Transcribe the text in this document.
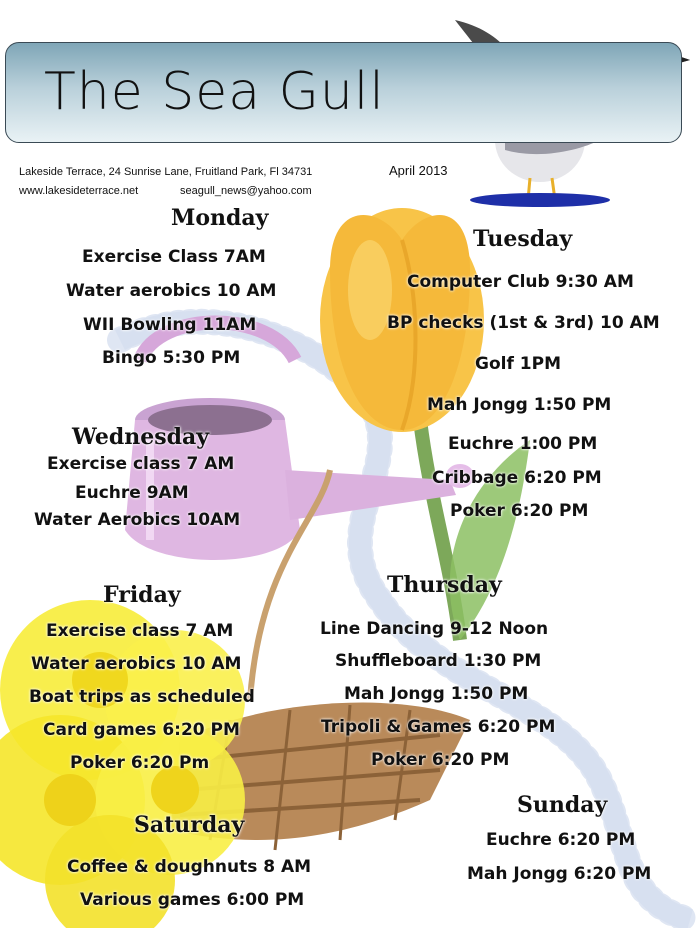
The Sea Gull
Lakeside Terrace, 24 Sunrise Lane, Fruitland Park, Fl 34731
www.lakesideterrace.net	seagull_news@yahoo.com
April 2013
Monday
Exercise Class 7AM
Water aerobics 10 AM
WII Bowling 11AM
Bingo 5:30 PM
Tuesday
Computer Club 9:30 AM
BP checks (1st & 3rd) 10 AM
Golf 1PM
Mah Jongg 1:50 PM
Euchre 1:00 PM
Cribbage 6:20 PM
Poker 6:20 PM
Wednesday
Exercise class 7 AM
Euchre 9AM
Water Aerobics 10AM
Thursday
Line Dancing 9-12 Noon
Shuffleboard 1:30 PM
Mah Jongg 1:50 PM
Tripoli & Games 6:20 PM
Poker 6:20 PM
Friday
Exercise class 7 AM
Water aerobics 10 AM
Boat trips as scheduled
Card games 6:20 PM
Poker 6:20 Pm
Saturday
Coffee & doughnuts 8 AM
Various games 6:00 PM
Sunday
Euchre 6:20 PM
Mah Jongg 6:20 PM
